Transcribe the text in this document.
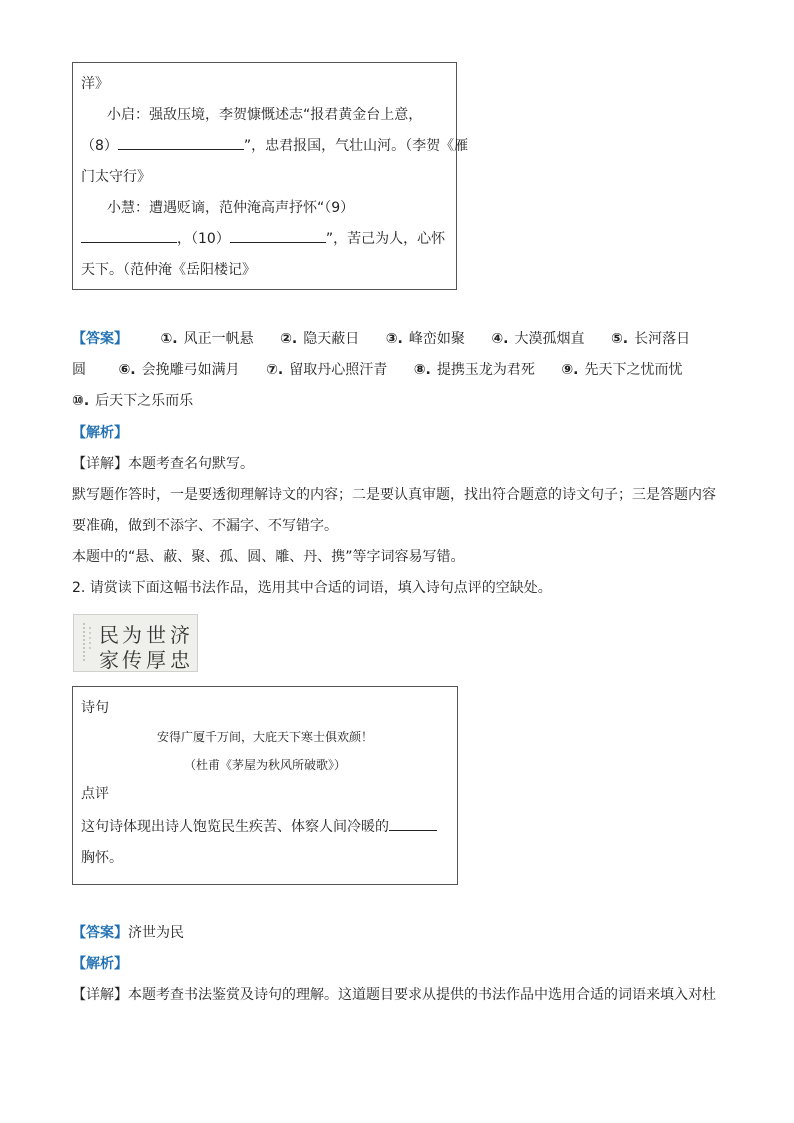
洋》

小启：强敌压境，李贺慷慨述志“报君黄金台上意，

（8）	”，忠君报国，气壮山河。（李贺《雁

门太守行》

小慧：遭遇贬谪，范仲淹高声抒怀“（9）

，（10）	”，苦己为人，心怀

天下。（范仲淹《岳阳楼记》

【答案】 ①. 风正一帆悬 ②. 隐天蔽日 ③. 峰峦如聚 ④. 大漠孤烟直 ⑤. 长河落日
圆 ⑥. 会挽雕弓如满月 ⑦. 留取丹心照汗青 ⑧. 提携玉龙为君死 ⑨. 先天下之忧而忧
⑩. 后天下之乐而乐
【解析】
【详解】本题考查名句默写。
默写题作答时，一是要透彻理解诗文的内容；二是要认真审题，找出符合题意的诗文句子；三是答题内容
要准确，做到不添字、不漏字、不写错字。
本题中的“悬、蔽、聚、孤、圆、雕、丹、携”等字词容易写错。
2. 请赏读下面这幅书法作品，选用其中合适的词语，填入诗句点评的空缺处。
济
世
为
民
忠
厚
传
家
诗句
安得广厦千万间，大庇天下寒士俱欢颜！
（杜甫《茅屋为秋风所破歌》）
点评
这句诗体现出诗人饱览民生疾苦、体察人间冷暖的
胸怀。
【答案】济世为民
【解析】
【详解】本题考查书法鉴赏及诗句的理解。这道题目要求从提供的书法作品中选用合适的词语来填入对杜
